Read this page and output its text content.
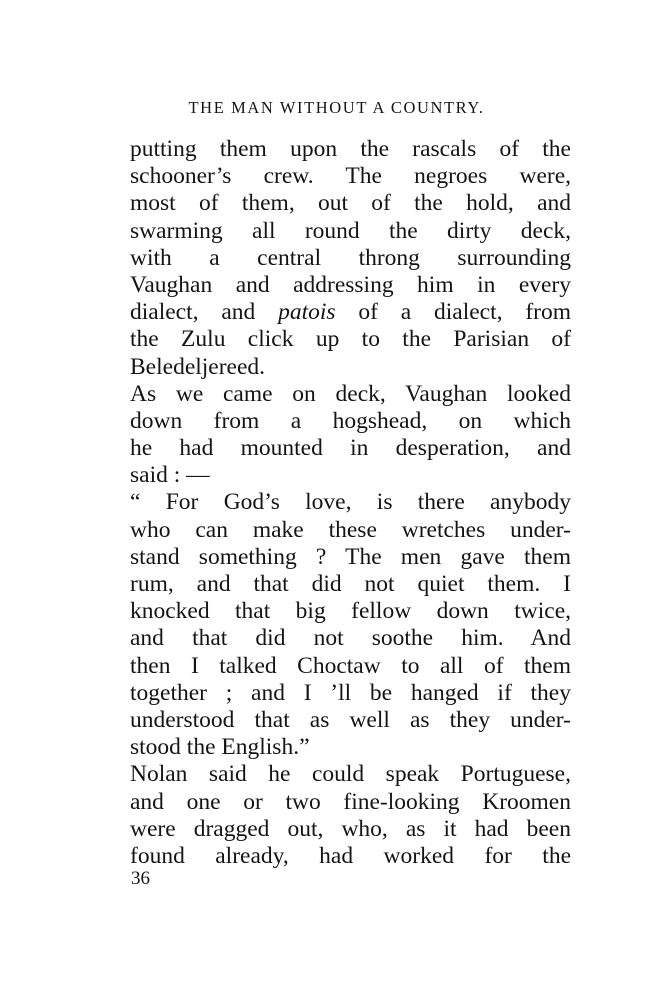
THE MAN WITHOUT A COUNTRY.
putting them upon the rascals of the
schooner’s crew. The negroes were,
most of them, out of the hold, and
swarming all round the dirty deck,
with a central throng surrounding
Vaughan and addressing him in every
dialect, and patois of a dialect, from
the Zulu click up to the Parisian of
Beledeljereed.
As we came on deck, Vaughan looked
down from a hogshead, on which
he had mounted in desperation, and
said : —
“ For God’s love, is there anybody
who can make these wretches under-
stand something ? The men gave them
rum, and that did not quiet them. I
knocked that big fellow down twice,
and that did not soothe him. And
then I talked Choctaw to all of them
together ; and I ’ll be hanged if they
understood that as well as they under-
stood the English.”
Nolan said he could speak Portuguese,
and one or two fine-looking Kroomen
were dragged out, who, as it had been
found already, had worked for the
36
